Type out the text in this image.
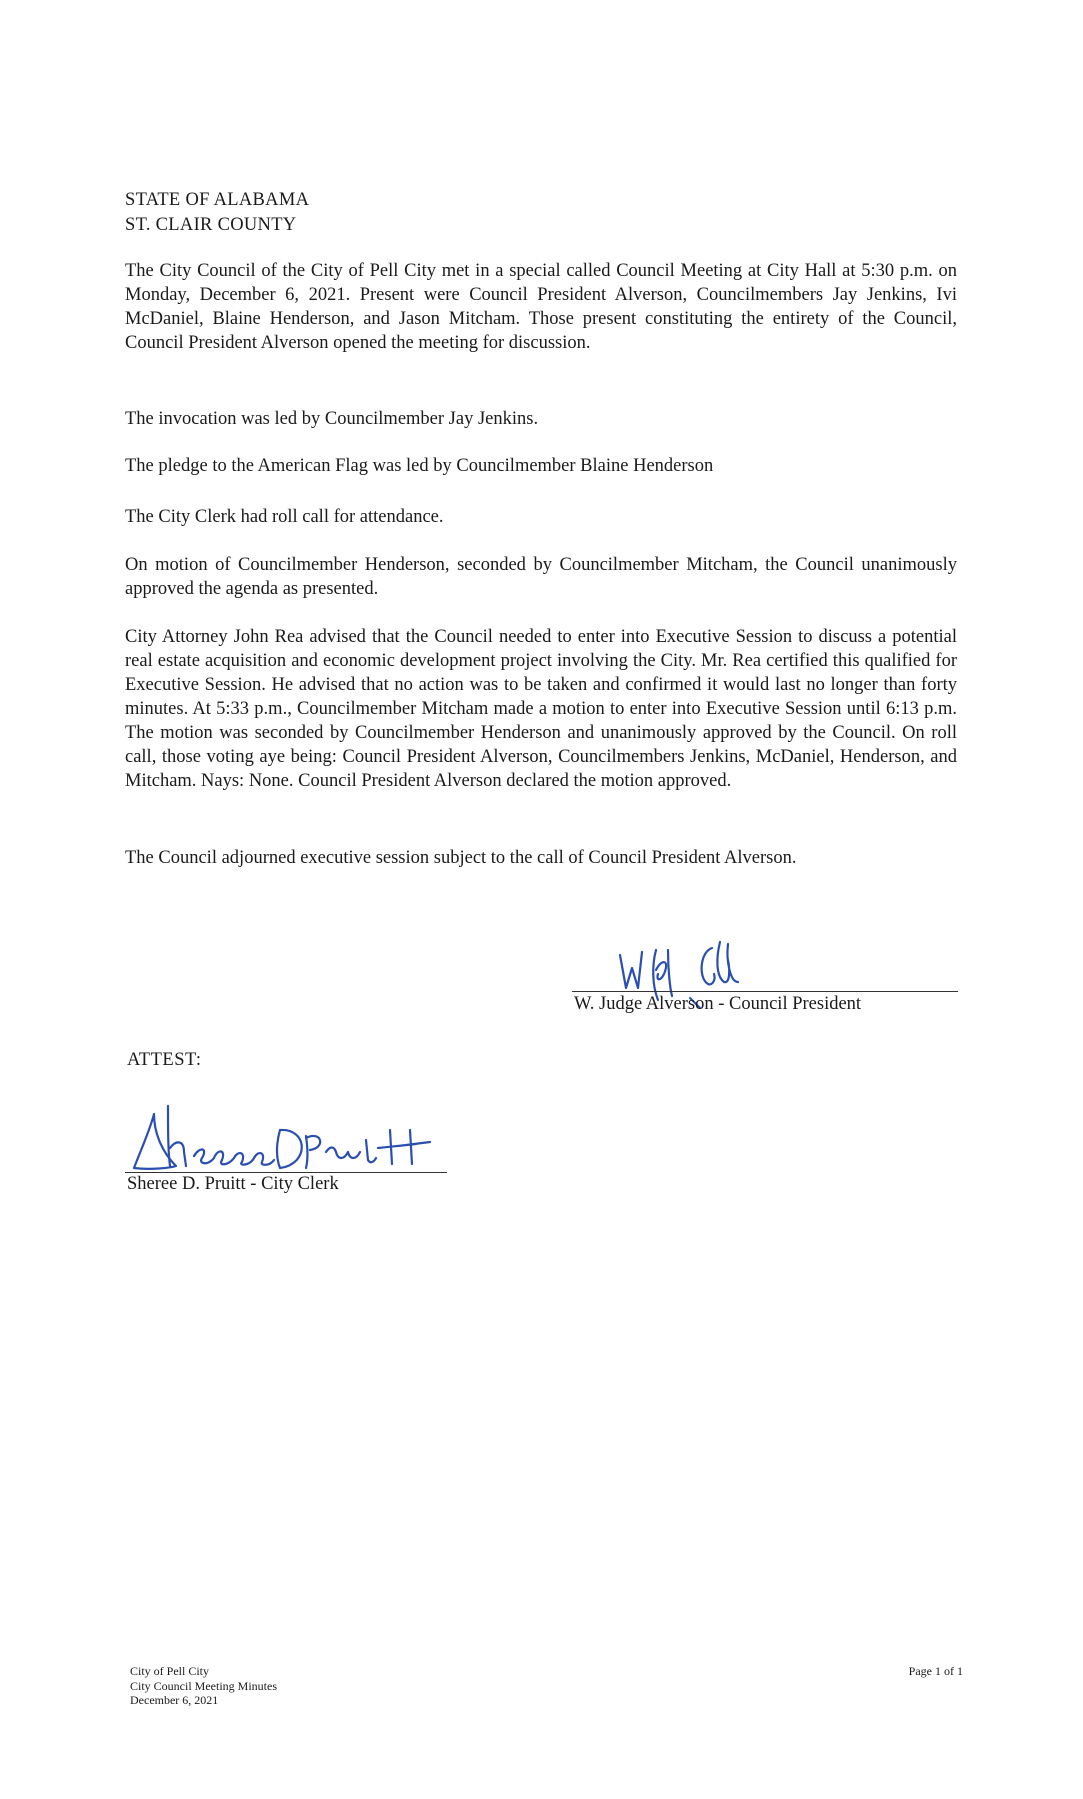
STATE OF ALABAMA
ST. CLAIR COUNTY

The City Council of the City of Pell City met in a special called Council Meeting at City Hall at 5:30 p.m. on Monday, December 6, 2021. Present were Council President Alverson, Councilmembers Jay Jenkins, Ivi McDaniel, Blaine Henderson, and Jason Mitcham. Those present constituting the entirety of the Council, Council President Alverson opened the meeting for discussion.

The invocation was led by Councilmember Jay Jenkins.

The pledge to the American Flag was led by Councilmember Blaine Henderson

The City Clerk had roll call for attendance.

On motion of Councilmember Henderson, seconded by Councilmember Mitcham, the Council unanimously approved the agenda as presented.

City Attorney John Rea advised that the Council needed to enter into Executive Session to discuss a potential real estate acquisition and economic development project involving the City. Mr. Rea certified this qualified for Executive Session. He advised that no action was to be taken and confirmed it would last no longer than forty minutes. At 5:33 p.m., Councilmember Mitcham made a motion to enter into Executive Session until 6:13 p.m. The motion was seconded by Councilmember Henderson and unanimously approved by the Council. On roll call, those voting aye being: Council President Alverson, Councilmembers Jenkins, McDaniel, Henderson, and Mitcham. Nays: None. Council President Alverson declared the motion approved.

The Council adjourned executive session subject to the call of Council President Alverson.

W. Judge Alverson - Council President
ATTEST:
Sheree D. Pruitt - City Clerk
City of Pell City
City Council Meeting Minutes
December 6, 2021
Page 1 of 1
